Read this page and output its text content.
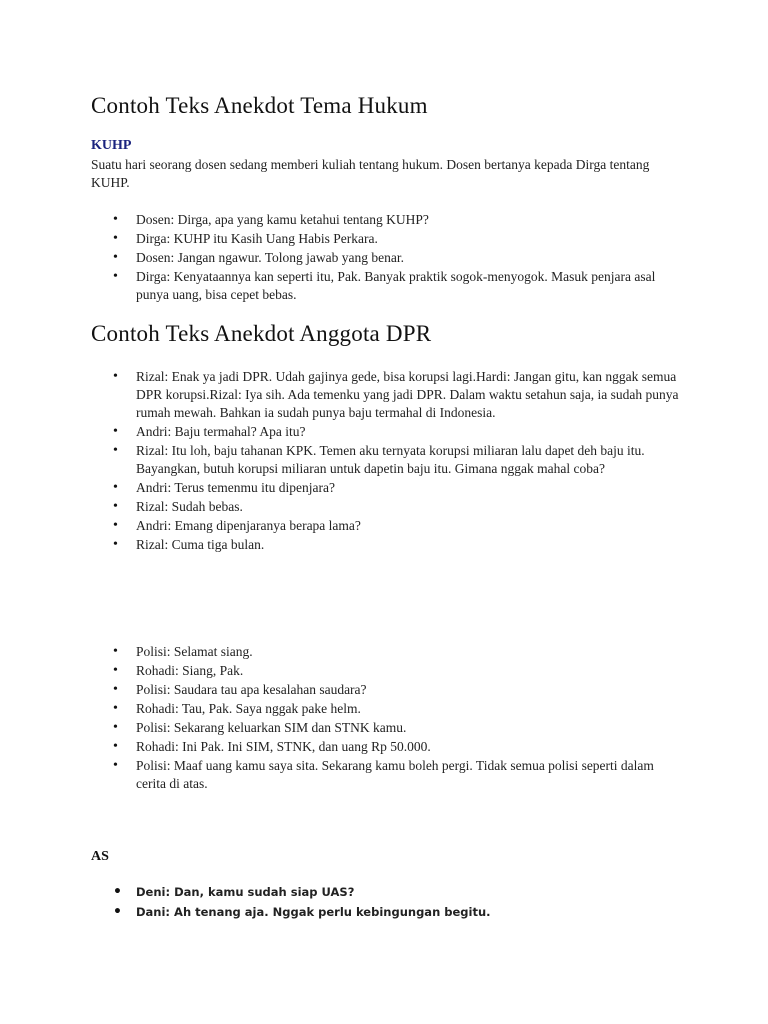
Contoh Teks Anekdot Tema Hukum
KUHP

Suatu hari seorang dosen sedang memberi kuliah tentang hukum. Dosen bertanya kepada Dirga tentang KUHP.

• Dosen: Dirga, apa yang kamu ketahui tentang KUHP?
• Dirga: KUHP itu Kasih Uang Habis Perkara.
• Dosen: Jangan ngawur. Tolong jawab yang benar.
• Dirga: Kenyataannya kan seperti itu, Pak. Banyak praktik sogok-menyogok. Masuk penjara asal punya uang, bisa cepet bebas.
Contoh Teks Anekdot Anggota DPR
• Rizal: Enak ya jadi DPR. Udah gajinya gede, bisa korupsi lagi.Hardi: Jangan gitu, kan nggak semua DPR korupsi.Rizal: Iya sih. Ada temenku yang jadi DPR. Dalam waktu setahun saja, ia sudah punya rumah mewah. Bahkan ia sudah punya baju termahal di Indonesia.
• Andri: Baju termahal? Apa itu?
• Rizal: Itu loh, baju tahanan KPK. Temen aku ternyata korupsi miliaran lalu dapet deh baju itu. Bayangkan, butuh korupsi miliaran untuk dapetin baju itu. Gimana nggak mahal coba?
• Andri: Terus temenmu itu dipenjara?
• Rizal: Sudah bebas.
• Andri: Emang dipenjaranya berapa lama?
• Rizal: Cuma tiga bulan.
• Polisi: Selamat siang.
• Rohadi: Siang, Pak.
• Polisi: Saudara tau apa kesalahan saudara?
• Rohadi: Tau, Pak. Saya nggak pake helm.
• Polisi: Sekarang keluarkan SIM dan STNK kamu.
• Rohadi: Ini Pak. Ini SIM, STNK, dan uang Rp 50.000.
• Polisi: Maaf uang kamu saya sita. Sekarang kamu boleh pergi. Tidak semua polisi seperti dalam cerita di atas.
AS
• Deni: Dan, kamu sudah siap UAS?
• Dani: Ah tenang aja. Nggak perlu kebingungan begitu.
